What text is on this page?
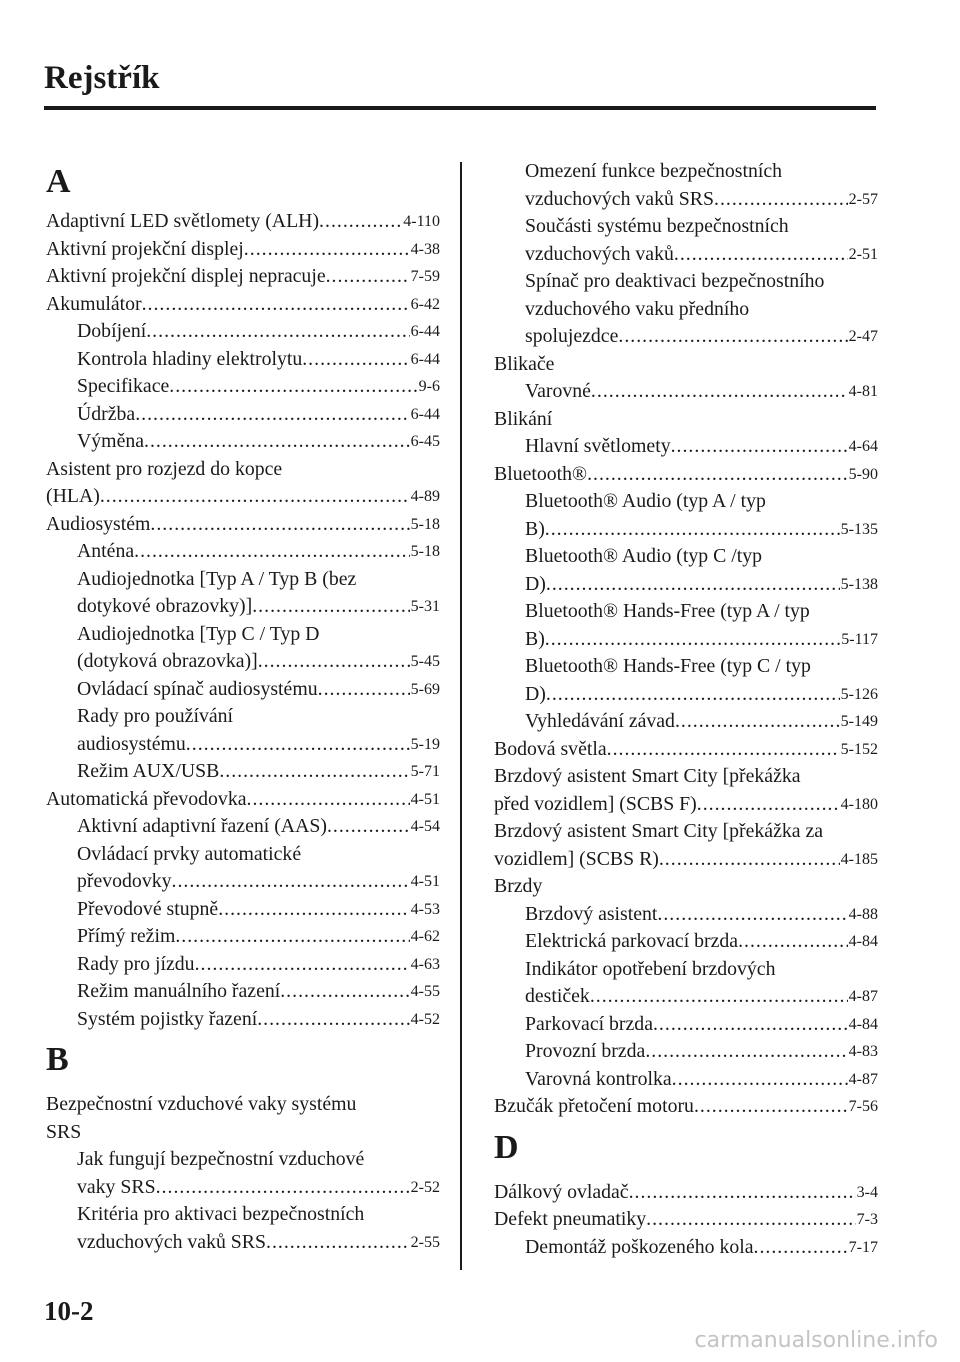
Rejstřík
A
Adaptivní LED světlomety (ALH) .....	4-110
Aktivní projekční displej .....	4-38
Aktivní projekční displej nepracuje .....	7-59
Akumulátor .....	6-42
Dobíjení .....	6-44
Kontrola hladiny elektrolytu .....	6-44
Specifikace .....	9-6
Údržba .....	6-44
Výměna .....	6-45
Asistent pro rozjezd do kopce
(HLA) .....	4-89
Audiosystém .....	5-18
Anténa .....	5-18
Audiojednotka [Typ A / Typ B (bez
dotykové obrazovky)] .....	5-31
Audiojednotka [Typ C / Typ D
(dotyková obrazovka)] .....	5-45
Ovládací spínač audiosystému .....	5-69
Rady pro používání
audiosystému .....	5-19
Režim AUX/USB .....	5-71
Automatická převodovka .....	4-51
Aktivní adaptivní řazení (AAS) .....	4-54
Ovládací prvky automatické
převodovky .....	4-51
Převodové stupně .....	4-53
Přímý režim .....	4-62
Rady pro jízdu .....	4-63
Režim manuálního řazení .....	4-55
Systém pojistky řazení .....	4-52
B
Bezpečnostní vzduchové vaky systému
SRS
Jak fungují bezpečnostní vzduchové
vaky SRS .....	2-52
Kritéria pro aktivaci bezpečnostních
vzduchových vaků SRS .....	2-55
Omezení funkce bezpečnostních
vzduchových vaků SRS .....	2-57
Součásti systému bezpečnostních
vzduchových vaků .....	2-51
Spínač pro deaktivaci bezpečnostního
vzduchového vaku předního
spolujezdce .....	2-47
Blikače
Varovné .....	4-81
Blikání
Hlavní světlomety .....	4-64
Bluetooth® .....	5-90
Bluetooth® Audio (typ A / typ
B) .....	5-135
Bluetooth® Audio (typ C /typ
D) .....	5-138
Bluetooth® Hands-Free (typ A / typ
B) .....	5-117
Bluetooth® Hands-Free (typ C / typ
D) .....	5-126
Vyhledávání závad .....	5-149
Bodová světla .....	5-152
Brzdový asistent Smart City [překážka
před vozidlem] (SCBS F) .....	4-180
Brzdový asistent Smart City [překážka za
vozidlem] (SCBS R) .....	4-185
Brzdy
Brzdový asistent .....	4-88
Elektrická parkovací brzda .....	4-84
Indikátor opotřebení brzdových
destiček .....	4-87
Parkovací brzda .....	4-84
Provozní brzda .....	4-83
Varovná kontrolka .....	4-87
Bzučák přetočení motoru .....	7-56
D
Dálkový ovladač .....	3-4
Defekt pneumatiky .....	7-3
Demontáž poškozeného kola .....	7-17
10-2
carmanualsonline.info
